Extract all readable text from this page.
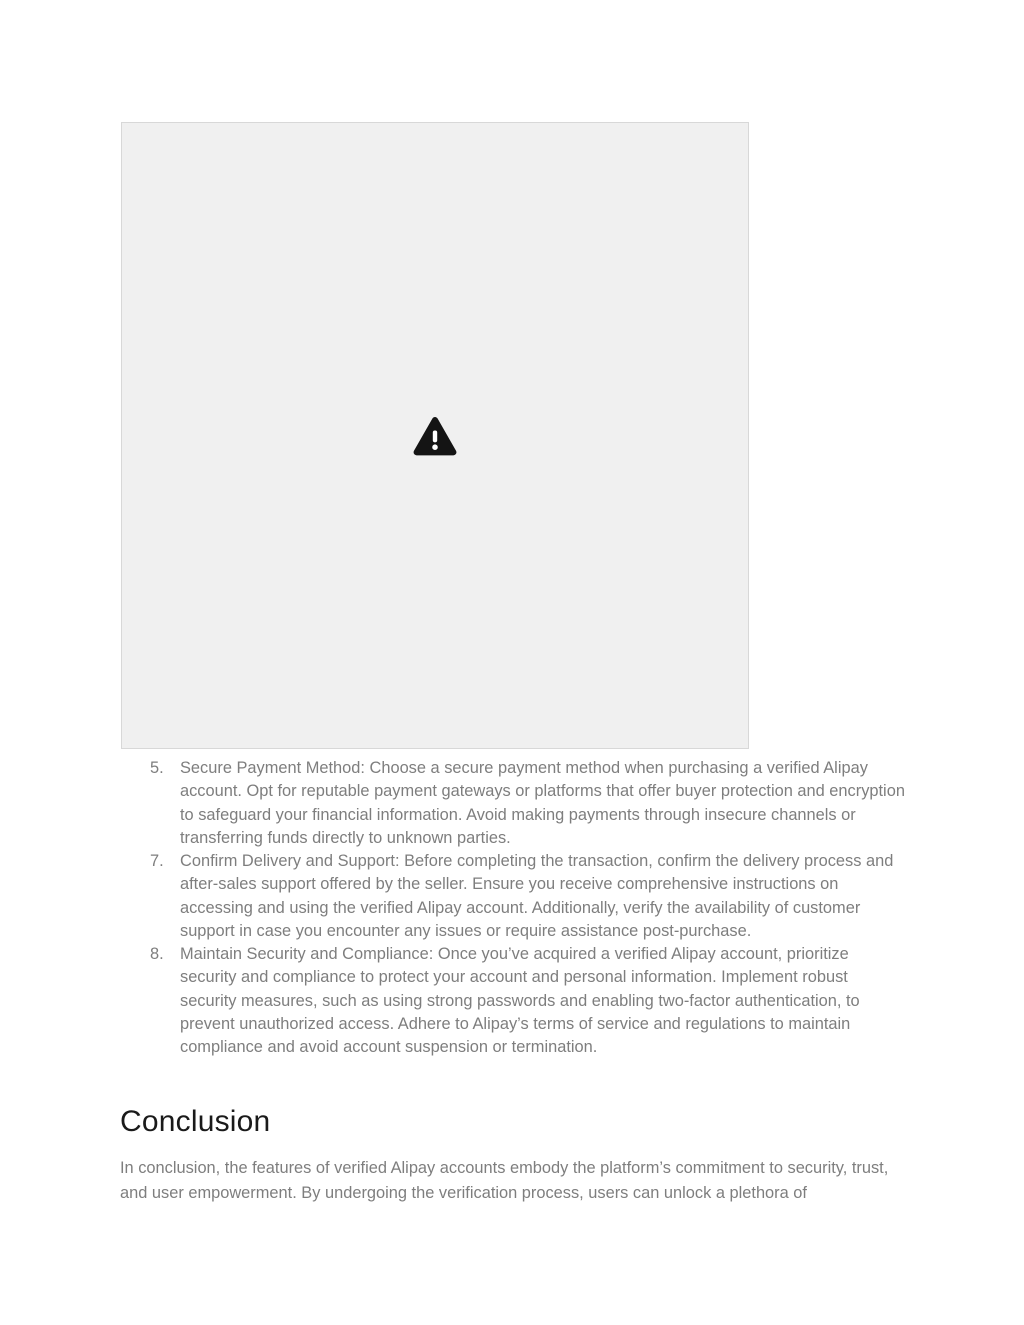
5. Secure Payment Method: Choose a secure payment method when purchasing a verified Alipay account. Opt for reputable payment gateways or platforms that offer buyer protection and encryption to safeguard your financial information. Avoid making payments through insecure channels or transferring funds directly to unknown parties.
7. Confirm Delivery and Support: Before completing the transaction, confirm the delivery process and after-sales support offered by the seller. Ensure you receive comprehensive instructions on accessing and using the verified Alipay account. Additionally, verify the availability of customer support in case you encounter any issues or require assistance post-purchase.
8. Maintain Security and Compliance: Once you’ve acquired a verified Alipay account, prioritize security and compliance to protect your account and personal information. Implement robust security measures, such as using strong passwords and enabling two-factor authentication, to prevent unauthorized access. Adhere to Alipay’s terms of service and regulations to maintain compliance and avoid account suspension or termination.
Conclusion

In conclusion, the features of verified Alipay accounts embody the platform’s commitment to security, trust, and user empowerment. By undergoing the verification process, users can unlock a plethora of
